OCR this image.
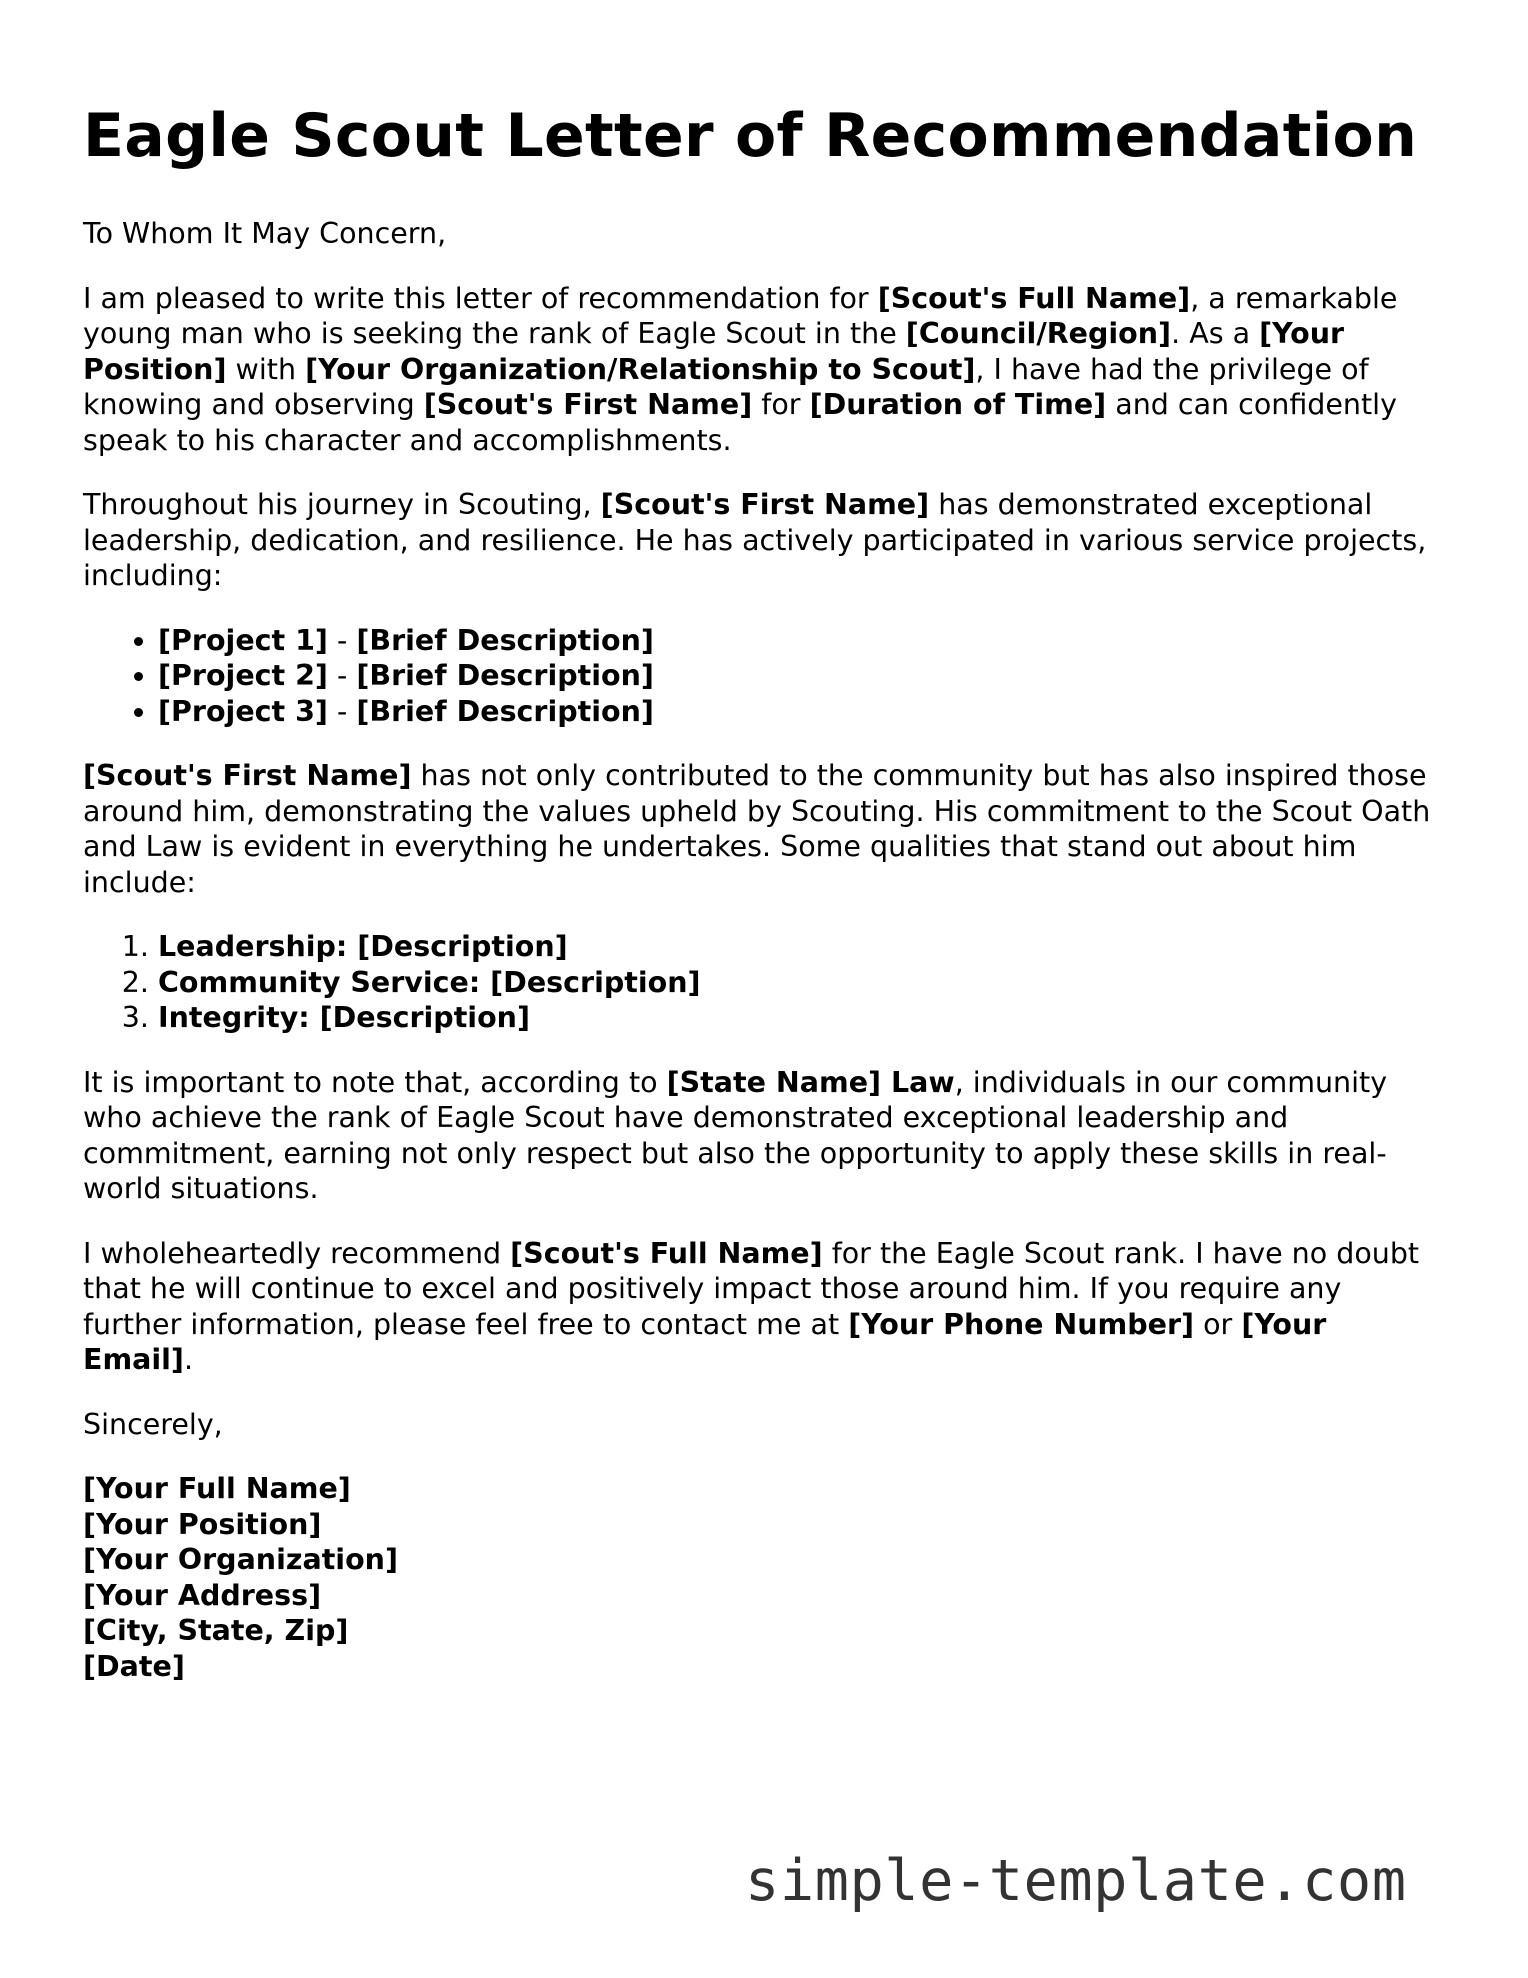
Eagle Scout Letter of Recommendation

To Whom It May Concern,

I am pleased to write this letter of recommendation for [Scout's Full Name], a remarkable young man who is seeking the rank of Eagle Scout in the [Council/Region]. As a [Your Position] with [Your Organization/Relationship to Scout], I have had the privilege of knowing and observing [Scout's First Name] for [Duration of Time] and can confidently speak to his character and accomplishments.

Throughout his journey in Scouting, [Scout's First Name] has demonstrated exceptional leadership, dedication, and resilience. He has actively participated in various service projects, including:

• [Project 1] - [Brief Description]
• [Project 2] - [Brief Description]
• [Project 3] - [Brief Description]

[Scout's First Name] has not only contributed to the community but has also inspired those around him, demonstrating the values upheld by Scouting. His commitment to the Scout Oath and Law is evident in everything he undertakes. Some qualities that stand out about him include:

1. Leadership: [Description]
2. Community Service: [Description]
3. Integrity: [Description]

It is important to note that, according to [State Name] Law, individuals in our community who achieve the rank of Eagle Scout have demonstrated exceptional leadership and commitment, earning not only respect but also the opportunity to apply these skills in real-world situations.

I wholeheartedly recommend [Scout's Full Name] for the Eagle Scout rank. I have no doubt that he will continue to excel and positively impact those around him. If you require any further information, please feel free to contact me at [Your Phone Number] or [Your Email].

Sincerely,

[Your Full Name]
[Your Position]
[Your Organization]
[Your Address]
[City, State, Zip]
[Date]
simple-template.com
